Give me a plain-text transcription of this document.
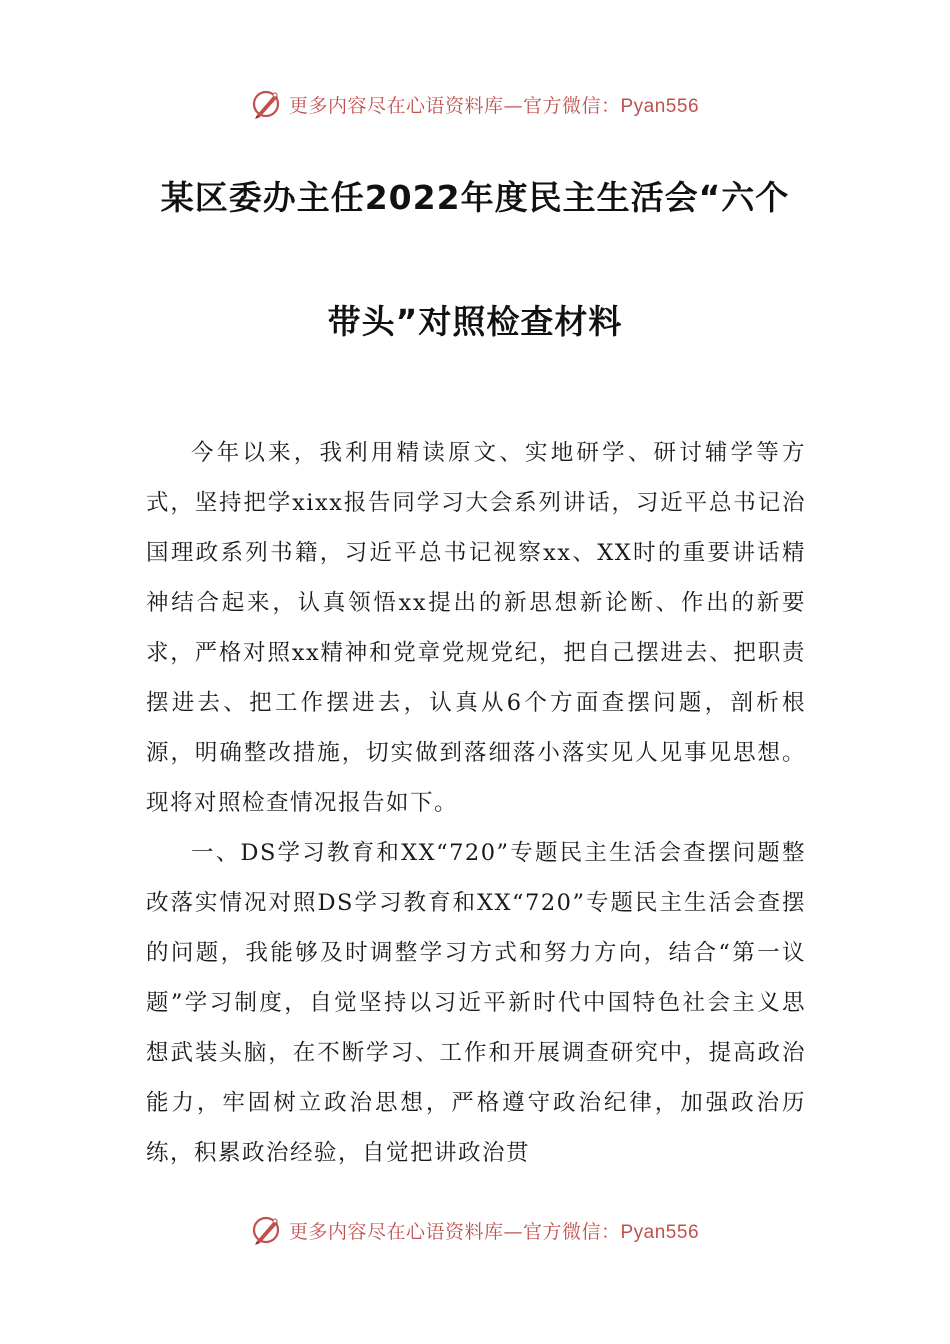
更多内容尽在心语资料库—官方微信：Pyan556
某区委办主任2022年度民主生活会“六个
带头”对照检查材料

今年以来，我利用精读原文、实地研学、研讨辅学等方式，坚持把学xixx报告同学习大会系列讲话，习近平总书记治国理政系列书籍，习近平总书记视察xx、XX时的重要讲话精神结合起来，认真领悟xx提出的新思想新论断、作出的新要求，严格对照xx精神和党章党规党纪，把自己摆进去、把职责摆进去、把工作摆进去，认真从6个方面查摆问题，剖析根源，明确整改措施，切实做到落细落小落实见人见事见思想。现将对照检查情况报告如下。

一、DS学习教育和XX“720”专题民主生活会查摆问题整改落实情况对照DS学习教育和XX“720”专题民主生活会查摆的问题，我能够及时调整学习方式和努力方向，结合“第一议题”学习制度，自觉坚持以习近平新时代中国特色社会主义思想武装头脑，在不断学习、工作和开展调查研究中，提高政治能力，牢固树立政治思想，严格遵守政治纪律，加强政治历练，积累政治经验，自觉把讲政治贯

更多内容尽在心语资料库—官方微信：Pyan556
